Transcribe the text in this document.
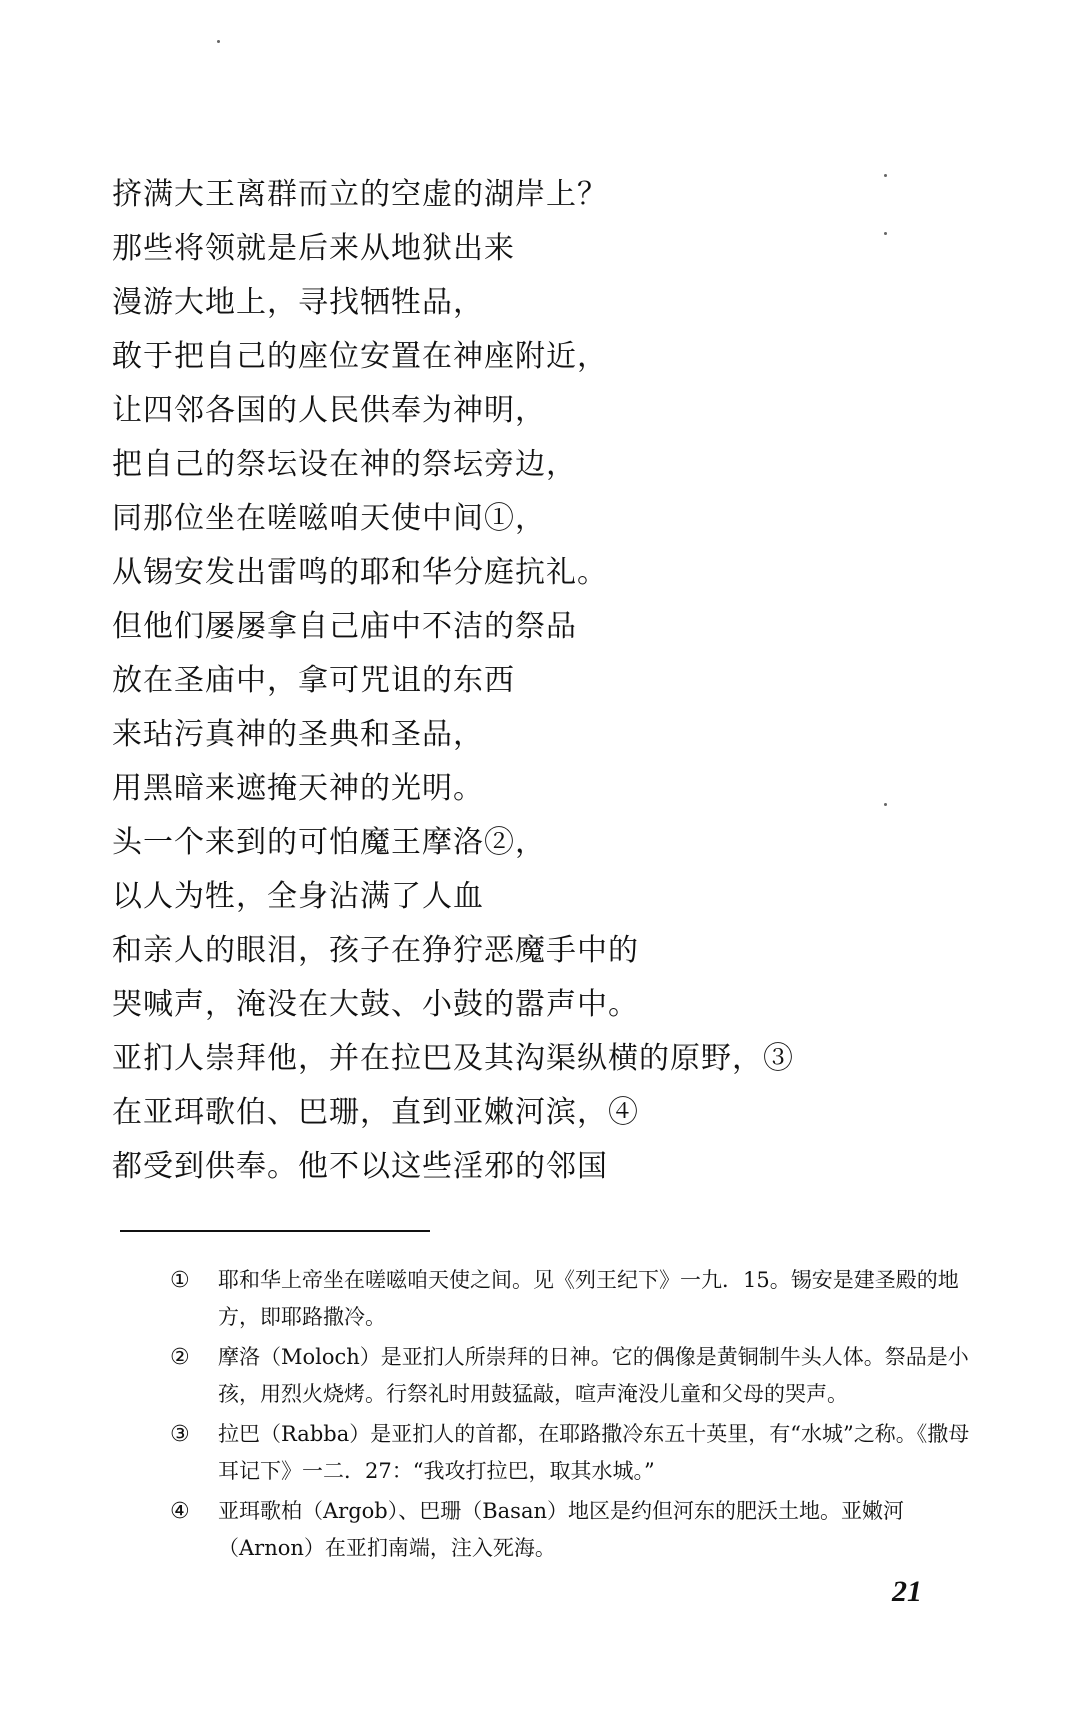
挤满大王离群而立的空虚的湖岸上？
那些将领就是后来从地狱出来
漫游大地上，寻找牺牲品，
敢于把自己的座位安置在神座附近，
让四邻各国的人民供奉为神明，
把自己的祭坛设在神的祭坛旁边，
同那位坐在嗟嗞咱天使中间①，
从锡安发出雷鸣的耶和华分庭抗礼。
但他们屡屡拿自己庙中不洁的祭品
放在圣庙中，拿可咒诅的东西
来玷污真神的圣典和圣品，
用黑暗来遮掩天神的光明。
头一个来到的可怕魔王摩洛②，
以人为牲，全身沾满了人血
和亲人的眼泪，孩子在狰狞恶魔手中的
哭喊声，淹没在大鼓、小鼓的嚣声中。
亚扪人崇拜他，并在拉巴及其沟渠纵横的原野，③
在亚珥歌伯、巴珊，直到亚嫩河滨，④
都受到供奉。他不以这些淫邪的邻国
① 耶和华上帝坐在嗟嗞咱天使之间。见《列王纪下》一九．15。锡安是建圣殿的地方，即耶路撒冷。
② 摩洛（Moloch）是亚扪人所崇拜的日神。它的偶像是黄铜制牛头人体。祭品是小孩，用烈火烧烤。行祭礼时用鼓猛敲，喧声淹没儿童和父母的哭声。
③ 拉巴（Rabba）是亚扪人的首都，在耶路撒冷东五十英里，有“水城”之称。《撒母耳记下》一二．27：“我攻打拉巴，取其水城。”
④ 亚珥歌柏（Argob）、巴珊（Basan）地区是约但河东的肥沃土地。亚嫩河（Arnon）在亚扪南端，注入死海。
21
